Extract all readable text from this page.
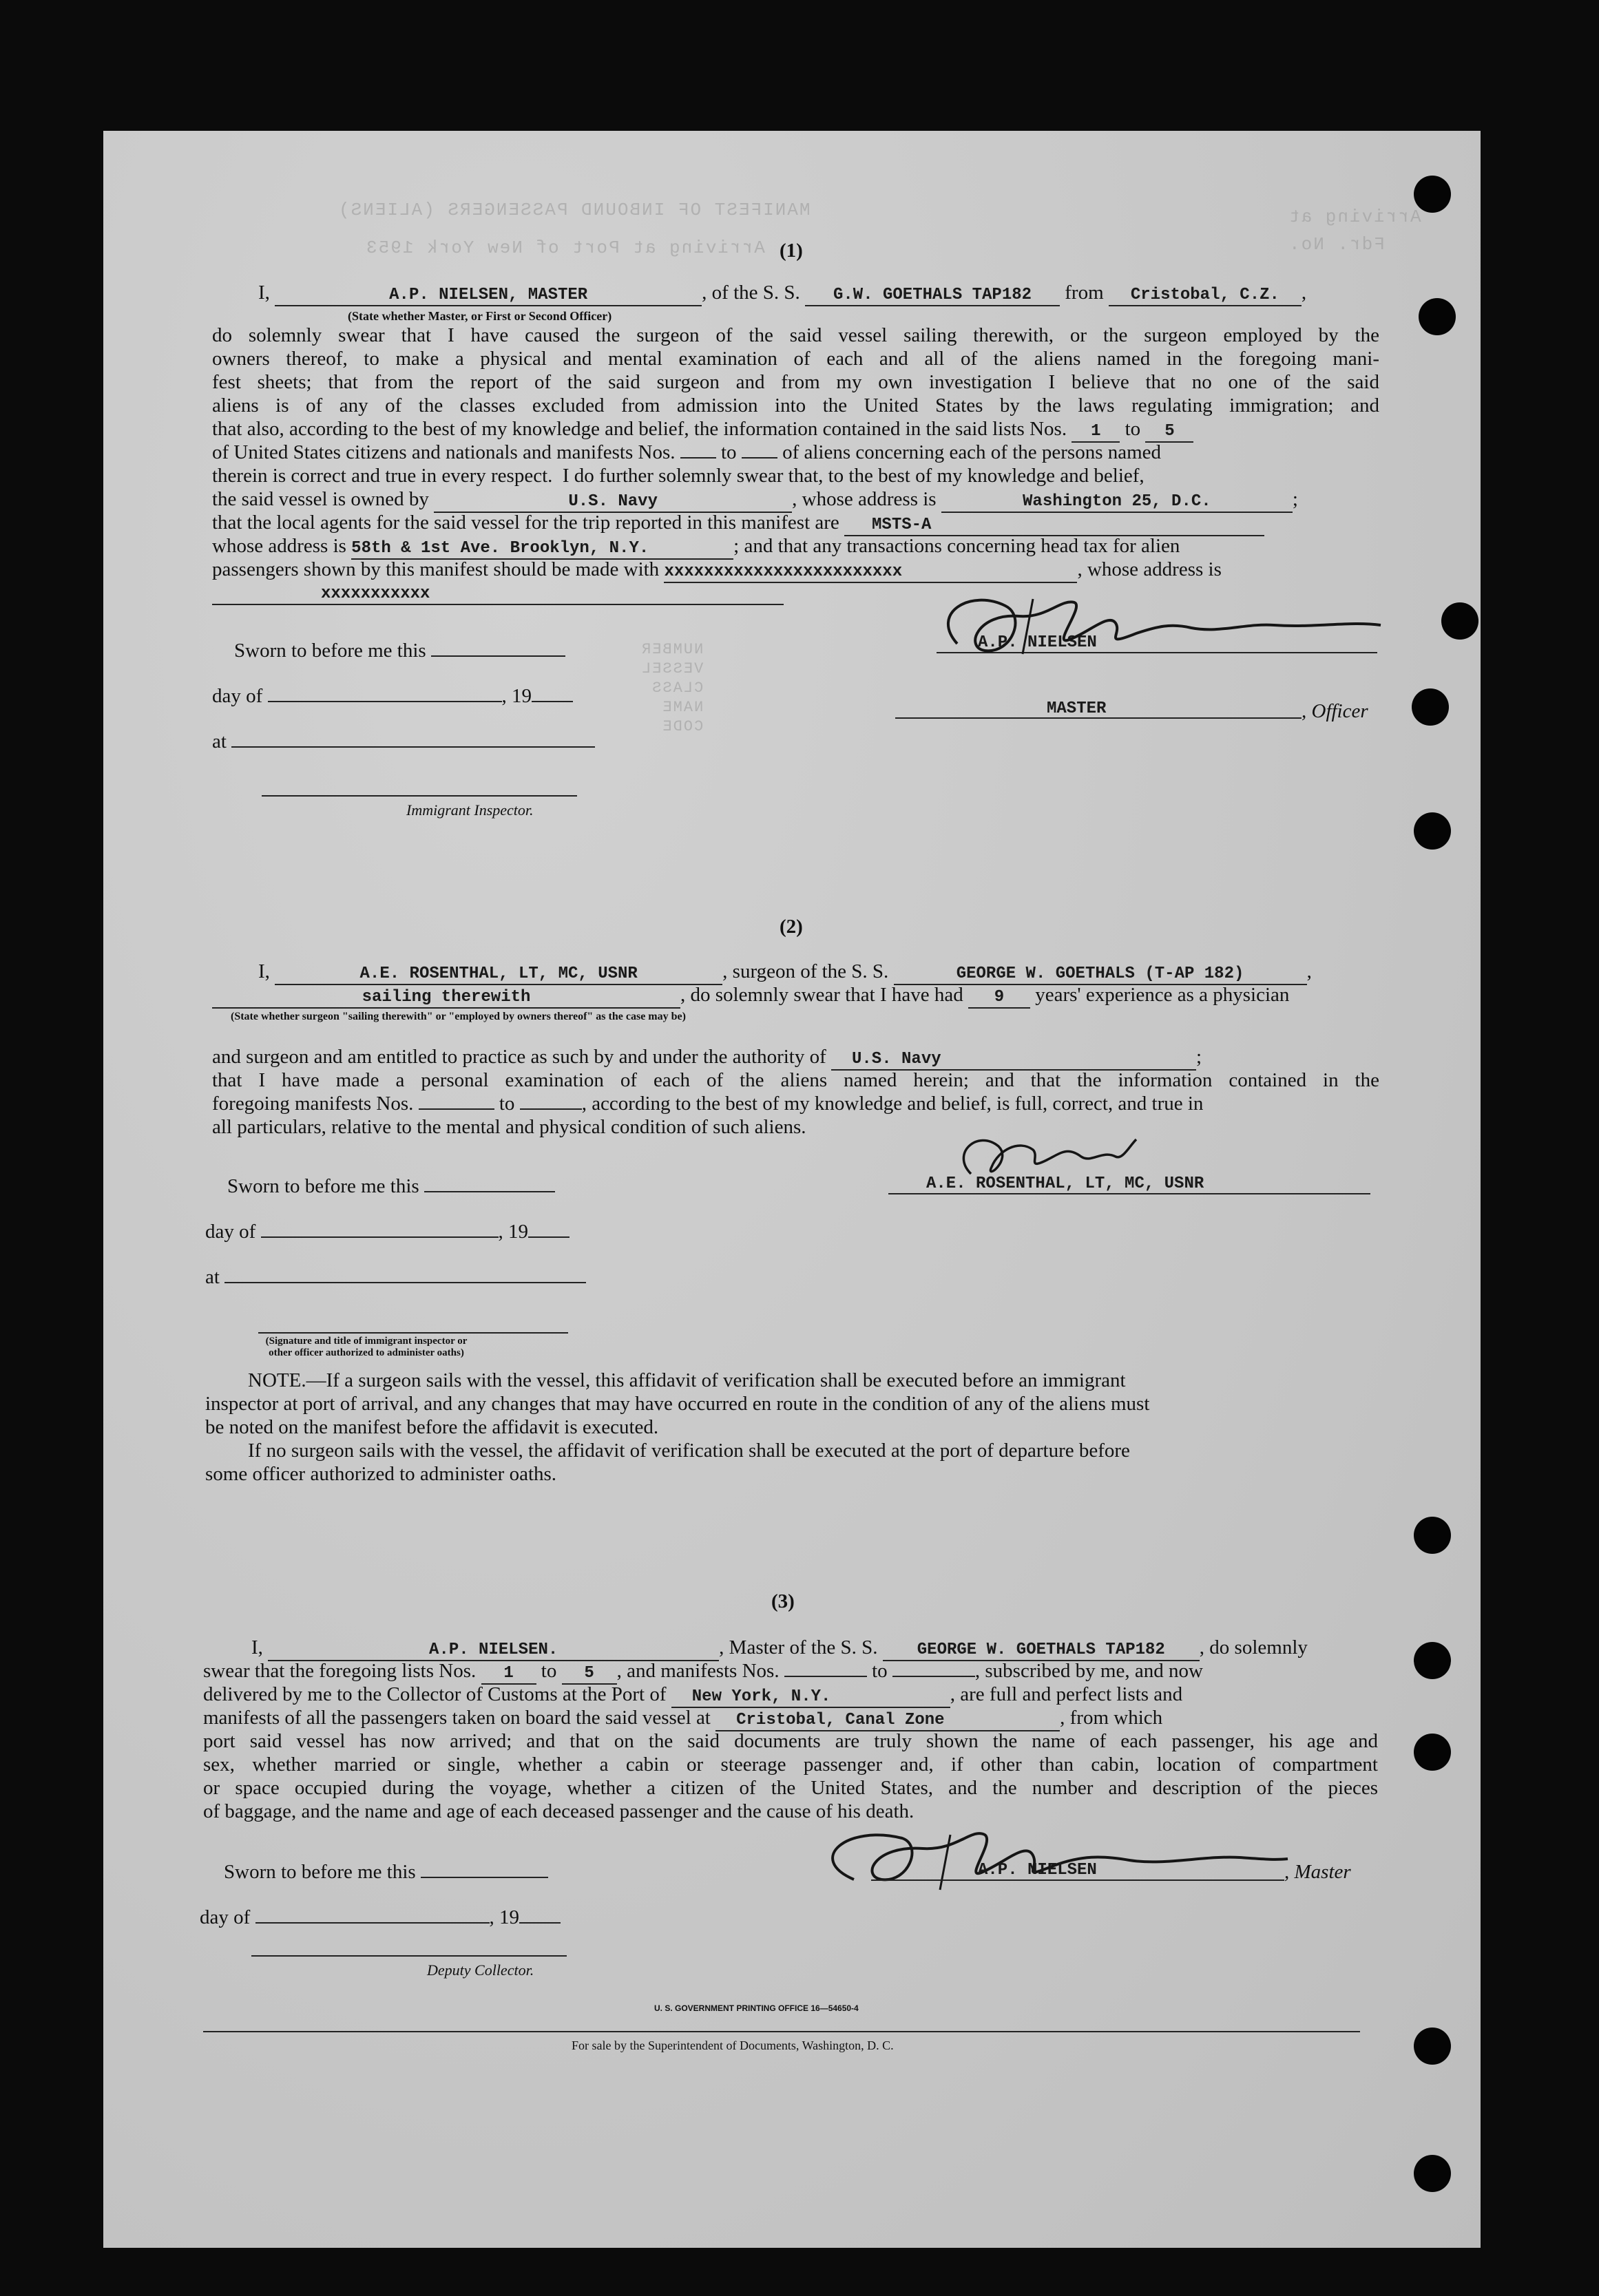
MANIFEST OF INBOUND PASSENGERS (ALIENS)
Arriving at Port of New York 1953
Arriving at
Fdr. No.
NUMBER
VESSEL
CLASS
NAME
CODE
(1)
I,	A.P. NIELSEN, MASTER	, of the S. S. G.W. GOETHALS TAP182 from Cristobal, C.Z. ,
(State whether Master, or First or Second Officer)
do solemnly swear that I have caused the surgeon of the said vessel sailing therewith, or the surgeon employed by the
owners thereof, to make a physical and mental examination of each and all of the aliens named in the foregoing mani-
fest sheets; that from the report of the said surgeon and from my own investigation I believe that no one of the said
aliens is of any of the classes excluded from admission into the United States by the laws regulating immigration; and
that also, according to the best of my knowledge and belief, the information contained in the said lists Nos. 1 to 5
of United States citizens and nationals and manifests Nos.  to  of aliens concerning each of the persons named
therein is correct and true in every respect.  I do further solemnly swear that, to the best of my knowledge and belief,
the said vessel is owned by	U.S. Navy	, whose address is	Washington 25, D.C.	;
that the local agents for the said vessel for the trip reported in this manifest are MSTS-A
whose address is 58th & 1st Ave. Brooklyn, N.Y.	; and that any transactions concerning head tax for alien
passengers shown by this manifest should be made with xxxxxxxxxxxxxxxxxxxxxxxx	, whose address is
xxxxxxxxxxx
Sworn to before me this
day of	, 19
at
Immigrant Inspector.
A.P. NIELSEN
MASTER	, Officer
(2)
I,	A.E. ROSENTHAL, LT, MC, USNR	, surgeon of the S. S.	GEORGE W. GOETHALS (T-AP 182)	,
sailing therewith	, do solemnly swear that I have had 9 years' experience as a physician
(State whether surgeon "sailing therewith" or "employed by owners thereof" as the case may be)
and surgeon and am entitled to practice as such by and under the authority of U.S. Navy	;
that I have made a personal examination of each of the aliens named herein; and that the information contained in the
foregoing manifests Nos.	to	, according to the best of my knowledge and belief, is full, correct, and true in
all particulars, relative to the mental and physical condition of such aliens.
A.E. ROSENTHAL, LT, MC, USNR
Sworn to before me this
day of	, 19
at
(Signature and title of immigrant inspector or other officer authorized to administer oaths)
NOTE.—If a surgeon sails with the vessel, this affidavit of verification shall be executed before an immigrant
inspector at port of arrival, and any changes that may have occurred en route in the condition of any of the aliens must
be noted on the manifest before the affidavit is executed.
If no surgeon sails with the vessel, the affidavit of verification shall be executed at the port of departure before
some officer authorized to administer oaths.
(3)
I,	A.P. NIELSEN.	, Master of the S. S. GEORGE W. GOETHALS TAP182 , do solemnly
swear that the foregoing lists Nos. 1 to 5 , and manifests Nos.	to	, subscribed by me, and now
delivered by me to the Collector of Customs at the Port of New York, N.Y.	, are full and perfect lists and
manifests of all the passengers taken on board the said vessel at Cristobal, Canal Zone	, from which
port said vessel has now arrived; and that on the said documents are truly shown the name of each passenger, his age and
sex, whether married or single, whether a cabin or steerage passenger and, if other than cabin, location of compartment
or space occupied during the voyage, whether a citizen of the United States, and the number and description of the pieces
of baggage, and the name and age of each deceased passenger and the cause of his death.
A.P. NIELSEN	, Master
Sworn to before me this
day of	, 19
Deputy Collector.
U. S. GOVERNMENT PRINTING OFFICE 16—54650-4
For sale by the Superintendent of Documents, Washington, D. C.
